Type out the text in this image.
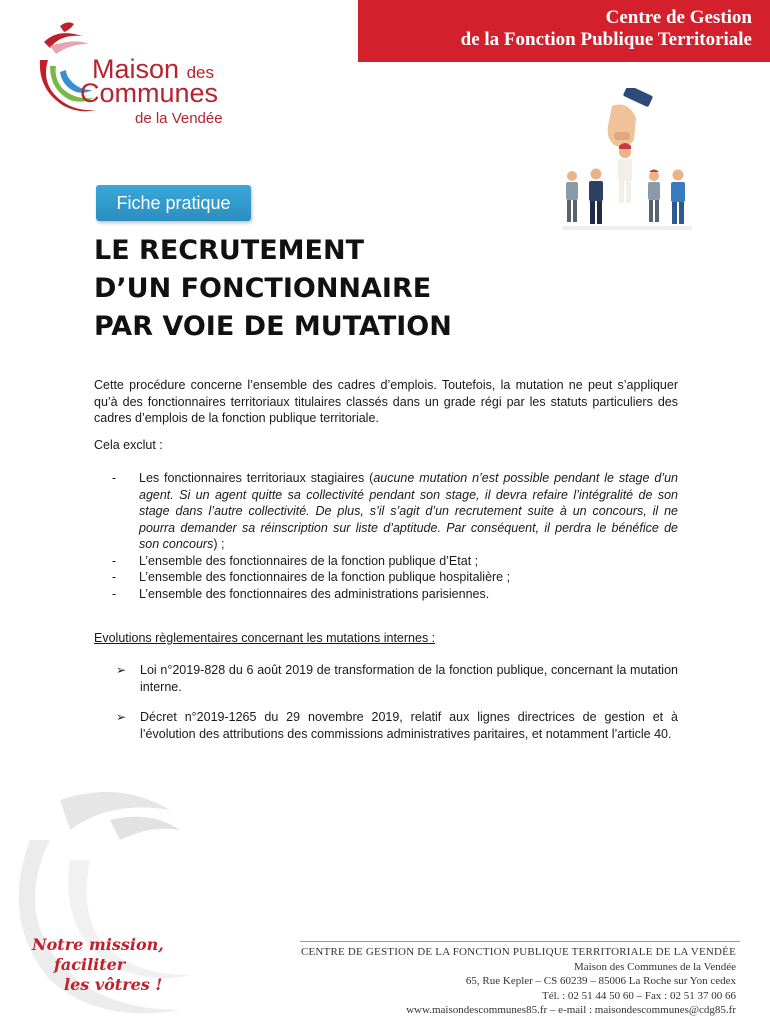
Centre de Gestion
de la Fonction Publique Territoriale
Maison des
Communes
de la Vendée
Fiche pratique
LE RECRUTEMENT
D’UN FONCTIONNAIRE
PAR VOIE DE MUTATION

Cette procédure concerne l’ensemble des cadres d’emplois. Toutefois, la mutation ne peut s’appliquer qu’à des fonctionnaires territoriaux titulaires classés dans un grade régi par les statuts particuliers des cadres d’emplois de la fonction publique territoriale.

Cela exclut :

- Les fonctionnaires territoriaux stagiaires (aucune mutation n’est possible pendant le stage d’un agent. Si un agent quitte sa collectivité pendant son stage, il devra refaire l’intégralité de son stage dans l’autre collectivité. De plus, s’il s’agit d’un recrutement suite à un concours, il ne pourra demander sa réinscription sur liste d’aptitude. Par conséquent, il perdra le bénéfice de son concours) ;
- L’ensemble des fonctionnaires de la fonction publique d’Etat ;
- L’ensemble des fonctionnaires de la fonction publique hospitalière ;
- L’ensemble des fonctionnaires des administrations parisiennes.

Evolutions règlementaires concernant les mutations internes :

➢ Loi n°2019-828 du 6 août 2019 de transformation de la fonction publique, concernant la mutation interne.
➢ Décret n°2019-1265 du 29 novembre 2019, relatif aux lignes directrices de gestion et à l’évolution des attributions des commissions administratives paritaires, et notamment l’article 40.
Notre mission,
faciliter
les vôtres !
CENTRE DE GESTION DE LA FONCTION PUBLIQUE TERRITORIALE DE LA VENDÉE
Maison des Communes de la Vendée
65, Rue Kepler – CS 60239 – 85006 La Roche sur Yon cedex
Tél. : 02 51 44 50 60 – Fax : 02 51 37 00 66
www.maisondescommunes85.fr – e-mail : maisondescommunes@cdg85.fr
